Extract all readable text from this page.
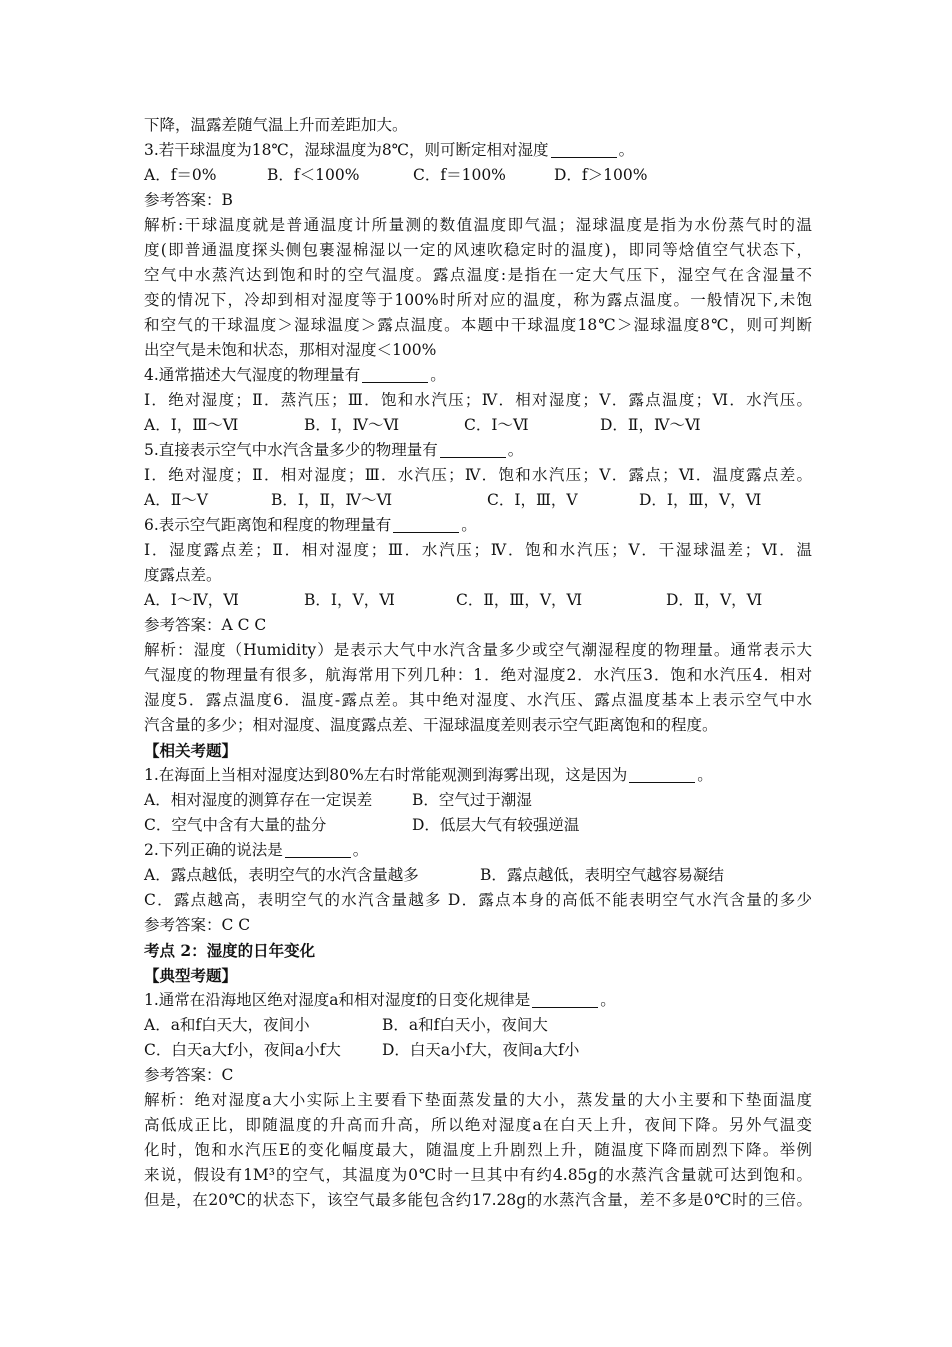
下降，温露差随气温上升而差距加大。
3.若干球温度为18℃，湿球温度为8℃，则可断定相对湿度	。
A．f＝0%	B．f＜100%	C．f＝100%	D．f＞100%
参考答案：B
解析:干球温度就是普通温度计所量测的数值温度即气温；湿球温度是指为水份蒸气时的温
度(即普通温度探头侧包裹湿棉湿以一定的风速吹稳定时的温度)，即同等焓值空气状态下，
空气中水蒸汽达到饱和时的空气温度。露点温度:是指在一定大气压下，湿空气在含湿量不
变的情况下，冷却到相对湿度等于100%时所对应的温度，称为露点温度。一般情况下,未饱
和空气的干球温度＞湿球温度＞露点温度。本题中干球温度18℃＞湿球温度8℃，则可判断
出空气是未饱和状态，那相对湿度＜100%
4.通常描述大气湿度的物理量有	。
Ⅰ．绝对湿度；Ⅱ．蒸汽压；Ⅲ．饱和水汽压；Ⅳ．相对湿度；Ⅴ．露点温度；Ⅵ．水汽压。
A．Ⅰ，Ⅲ～Ⅵ	B．Ⅰ，Ⅳ～Ⅵ	C．Ⅰ～Ⅵ	D．Ⅱ，Ⅳ～Ⅵ
5.直接表示空气中水汽含量多少的物理量有	。
Ⅰ．绝对湿度；Ⅱ．相对湿度；Ⅲ．水汽压；Ⅳ．饱和水汽压；Ⅴ．露点；Ⅵ．温度露点差。
A．Ⅱ～Ⅴ	B．Ⅰ，Ⅱ，Ⅳ～Ⅵ	C．Ⅰ，Ⅲ，Ⅴ	D．Ⅰ，Ⅲ，Ⅴ，Ⅵ
6.表示空气距离饱和程度的物理量有	。
Ⅰ．湿度露点差；Ⅱ．相对湿度；Ⅲ．水汽压；Ⅳ．饱和水汽压；Ⅴ．干湿球温差；Ⅵ．温
度露点差。
A．Ⅰ～Ⅳ，Ⅵ	B．Ⅰ，Ⅴ，Ⅵ	C．Ⅱ，Ⅲ，Ⅴ，Ⅵ	D．Ⅱ，Ⅴ，Ⅵ
参考答案：A C C
解析：湿度（Humidity）是表示大气中水汽含量多少或空气潮湿程度的物理量。通常表示大
气湿度的物理量有很多，航海常用下列几种：1．绝对湿度2．水汽压3．饱和水汽压4．相对
湿度5．露点温度6．温度-露点差。其中绝对湿度、水汽压、露点温度基本上表示空气中水
汽含量的多少；相对湿度、温度露点差、干湿球温度差则表示空气距离饱和的程度。
【相关考题】
1.在海面上当相对湿度达到80%左右时常能观测到海雾出现，这是因为	。
A．相对湿度的测算存在一定误差	B．空气过于潮湿
C．空气中含有大量的盐分	D．低层大气有较强逆温
2.下列正确的说法是	。
A．露点越低，表明空气的水汽含量越多	B．露点越低，表明空气越容易凝结
C．露点越高，表明空气的水汽含量越多 D．露点本身的高低不能表明空气水汽含量的多少
参考答案：C C
考点 2：湿度的日年变化
【典型考题】
1.通常在沿海地区绝对湿度a和相对湿度f的日变化规律是	。
A．a和f白天大，夜间小	B．a和f白天小，夜间大
C．白天a大f小，夜间a小f大	D．白天a小f大，夜间a大f小
参考答案：C
解析：绝对湿度a大小实际上主要看下垫面蒸发量的大小，蒸发量的大小主要和下垫面温度
高低成正比，即随温度的升高而升高，所以绝对湿度a在白天上升，夜间下降。另外气温变
化时，饱和水汽压E的变化幅度最大，随温度上升剧烈上升，随温度下降而剧烈下降。举例
来说，假设有1M³的空气，其温度为0℃时一旦其中有约4.85g的水蒸汽含量就可达到饱和。
但是，在20℃的状态下，该空气最多能包含约17.28g的水蒸汽含量，差不多是0℃时的三倍。
